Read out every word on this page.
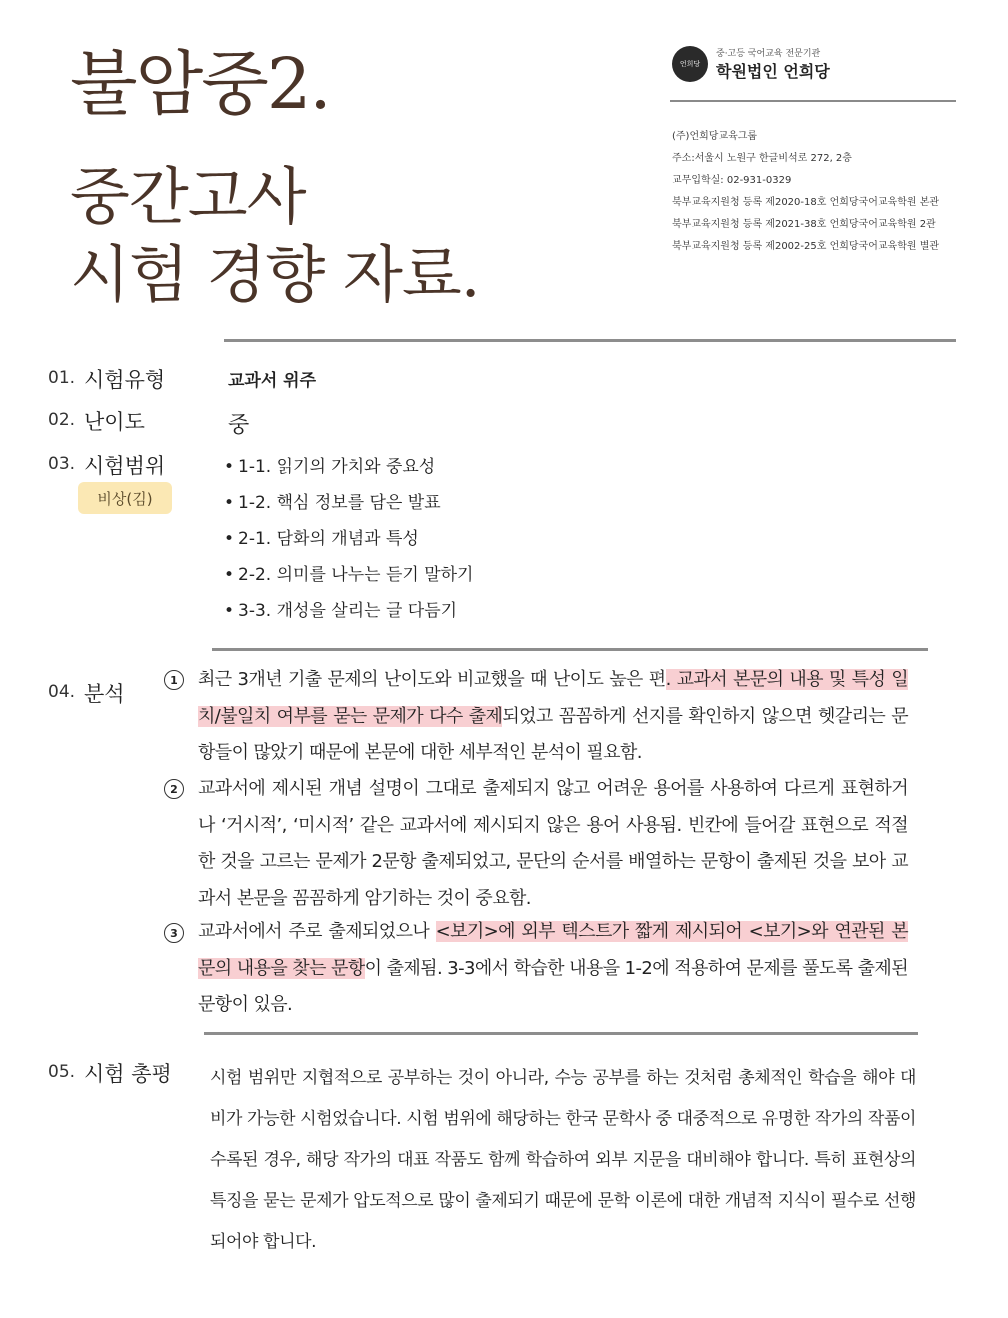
불암중2.
중간고사
시험 경향 자료.
언희당
중·고등 국어교육 전문기관
학원법인 언희당
(주)언희당교육그룹
주소:서울시 노원구 한글비석로 272, 2층
교무입학실: 02-931-0329
북부교육지원청 등록 제2020-18호 언희당국어교육학원 본관
북부교육지원청 등록 제2021-38호 언희당국어교육학원 2관
북부교육지원청 등록 제2002-25호 언희당국어교육학원 별관
01. 시험유형	교과서 위주
02. 난이도	중
03. 시험범위
비상(김)
• 1-1. 읽기의 가치와 중요성
• 1-2. 핵심 정보를 담은 발표
• 2-1. 담화의 개념과 특성
• 2-2. 의미를 나누는 듣기 말하기
• 3-3. 개성을 살리는 글 다듬기
04. 분석
1	최근 3개년 기출 문제의 난이도와 비교했을 때 난이도 높은 편. 교과서 본문의 내용 및 특성 일치/불일치 여부를 묻는 문제가 다수 출제되었고 꼼꼼하게 선지를 확인하지 않으면 헷갈리는 문항들이 많았기 때문에 본문에 대한 세부적인 분석이 필요함.
2	교과서에 제시된 개념 설명이 그대로 출제되지 않고 어려운 용어를 사용하여 다르게 표현하거나 ‘거시적’, ‘미시적’ 같은 교과서에 제시되지 않은 용어 사용됨. 빈칸에 들어갈 표현으로 적절한 것을 고르는 문제가 2문항 출제되었고, 문단의 순서를 배열하는 문항이 출제된 것을 보아 교과서 본문을 꼼꼼하게 암기하는 것이 중요함.
3	교과서에서 주로 출제되었으나 <보기>에 외부 텍스트가 짧게 제시되어 <보기>와 연관된 본문의 내용을 찾는 문항이 출제됨. 3-3에서 학습한 내용을 1-2에 적용하여 문제를 풀도록 출제된 문항이 있음.
05. 시험 총평 시험 범위만 지협적으로 공부하는 것이 아니라, 수능 공부를 하는 것처럼 총체적인 학습을 해야 대비가 가능한 시험었습니다. 시험 범위에 해당하는 한국 문학사 중 대중적으로 유명한 작가의 작품이 수록된 경우, 해당 작가의 대표 작품도 함께 학습하여 외부 지문을 대비해야 합니다. 특히 표현상의 특징을 묻는 문제가 압도적으로 많이 출제되기 때문에 문학 이론에 대한 개념적 지식이 필수로 선행되어야 합니다.
